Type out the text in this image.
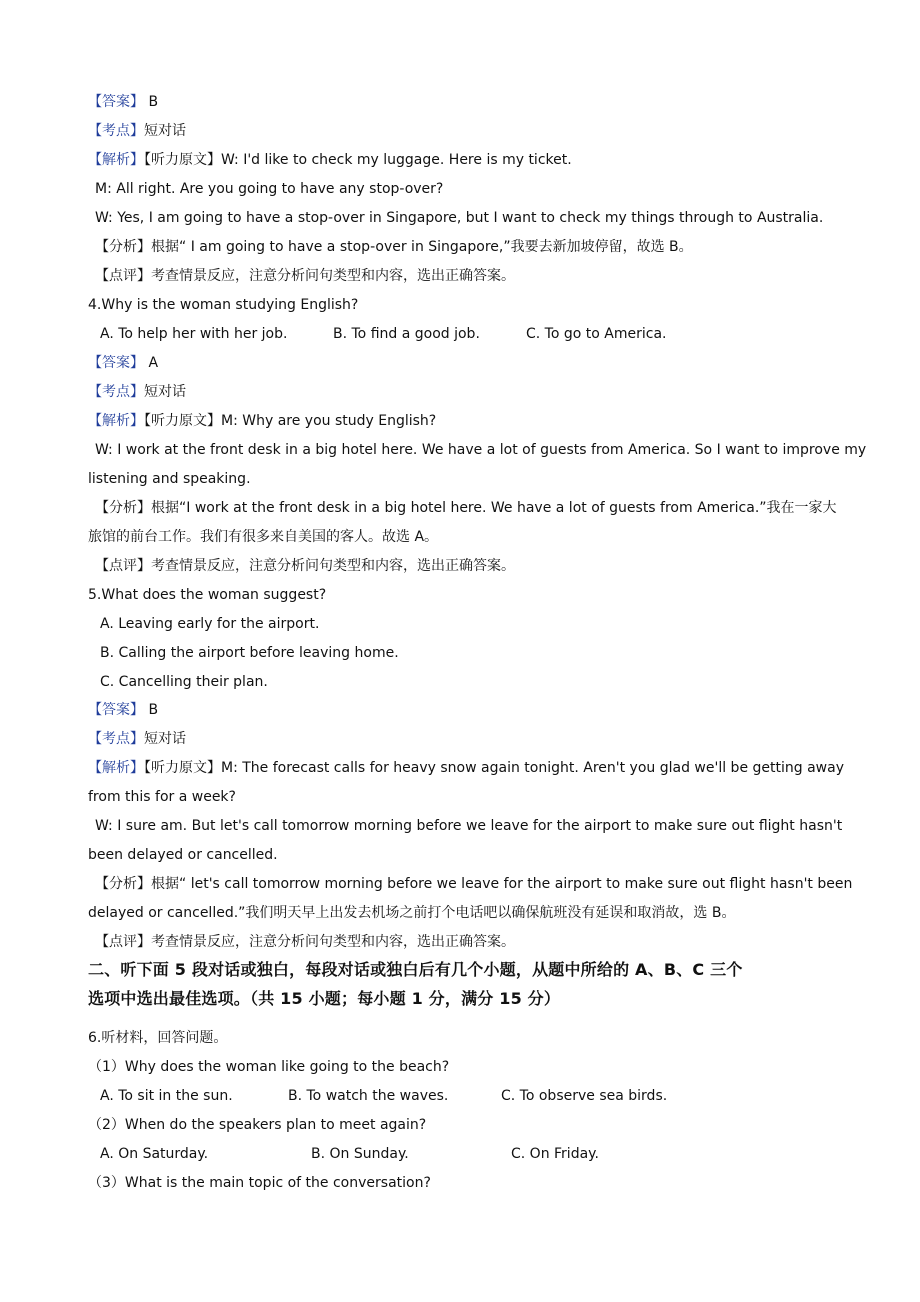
【答案】 B
【考点】短对话
【解析】【听力原文】W: I'd like to check my luggage. Here is my ticket.
M: All right. Are you going to have any stop-over?
W: Yes, I am going to have a stop-over in Singapore, but I want to check my things through to Australia.
【分析】根据“ I am going to have a stop-over in Singapore,”我要去新加坡停留，故选 B。
【点评】考查情景反应，注意分析问句类型和内容，选出正确答案。
4.Why is the woman studying English?
A. To help her with her job.	B. To find a good job.	C. To go to America.
【答案】 A
【考点】短对话
【解析】【听力原文】M: Why are you study English?
W: I work at the front desk in a big hotel here. We have a lot of guests from America. So I want to improve my
listening and speaking.
【分析】根据“I work at the front desk in a big hotel here. We have a lot of guests from America.”我在一家大
旅馆的前台工作。我们有很多来自美国的客人。故选 A。
【点评】考查情景反应，注意分析问句类型和内容，选出正确答案。
5.What does the woman suggest?
A. Leaving early for the airport.
B. Calling the airport before leaving home.
C. Cancelling their plan.
【答案】 B
【考点】短对话
【解析】【听力原文】M: The forecast calls for heavy snow again tonight. Aren't you glad we'll be getting away
from this for a week?
W: I sure am. But let's call tomorrow morning before we leave for the airport to make sure out flight hasn't
been delayed or cancelled.
【分析】根据“ let's call tomorrow morning before we leave for the airport to make sure out flight hasn't been
delayed or cancelled.”我们明天早上出发去机场之前打个电话吧以确保航班没有延误和取消故，选 B。
【点评】考查情景反应，注意分析问句类型和内容，选出正确答案。
二、听下面 5 段对话或独白，每段对话或独白后有几个小题，从题中所给的 A、B、C 三个
选项中选出最佳选项。（共 15 小题；每小题 1 分，满分 15 分）
6.听材料，回答问题。
（1）Why does the woman like going to the beach?
A. To sit in the sun.	B. To watch the waves.	C. To observe sea birds.
（2）When do the speakers plan to meet again?
A. On Saturday.	B. On Sunday.	C. On Friday.
（3）What is the main topic of the conversation?
